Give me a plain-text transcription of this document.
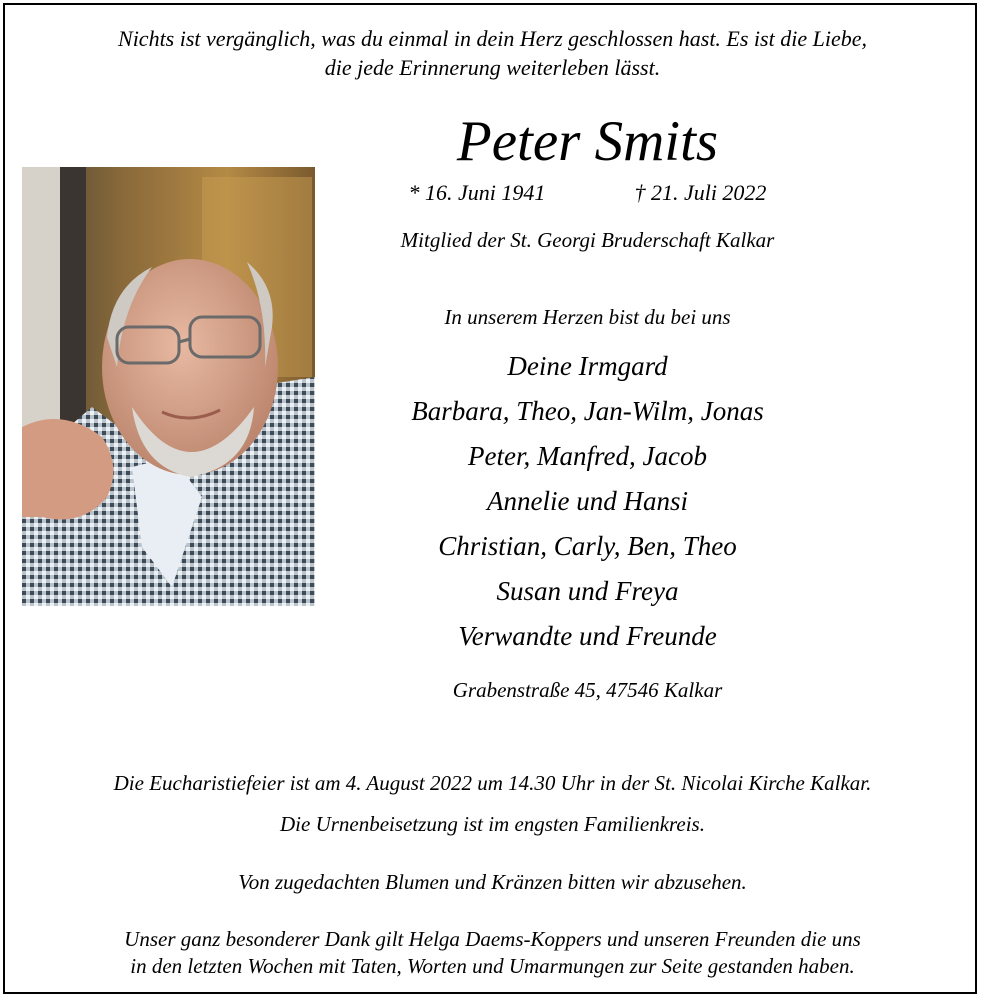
Nichts ist vergänglich, was du einmal in dein Herz geschlossen hast. Es ist die Liebe,

die jede Erinnerung weiterleben lässt.

Peter Smits

* 16. Juni 1941	† 21. Juli 2022

Mitglied der St. Georgi Bruderschaft Kalkar

In unserem Herzen bist du bei uns

Deine Irmgard

Barbara, Theo, Jan-Wilm, Jonas

Peter, Manfred, Jacob

Annelie und Hansi

Christian, Carly, Ben, Theo

Susan und Freya

Verwandte und Freunde

Grabenstraße 45, 47546 Kalkar

Die Eucharistiefeier ist am 4. August 2022 um 14.30 Uhr in der St. Nicolai Kirche Kalkar.

Die Urnenbeisetzung ist im engsten Familienkreis.

Von zugedachten Blumen und Kränzen bitten wir abzusehen.

Unser ganz besonderer Dank gilt Helga Daems-Koppers und unseren Freunden die uns

in den letzten Wochen mit Taten, Worten und Umarmungen zur Seite gestanden haben.
